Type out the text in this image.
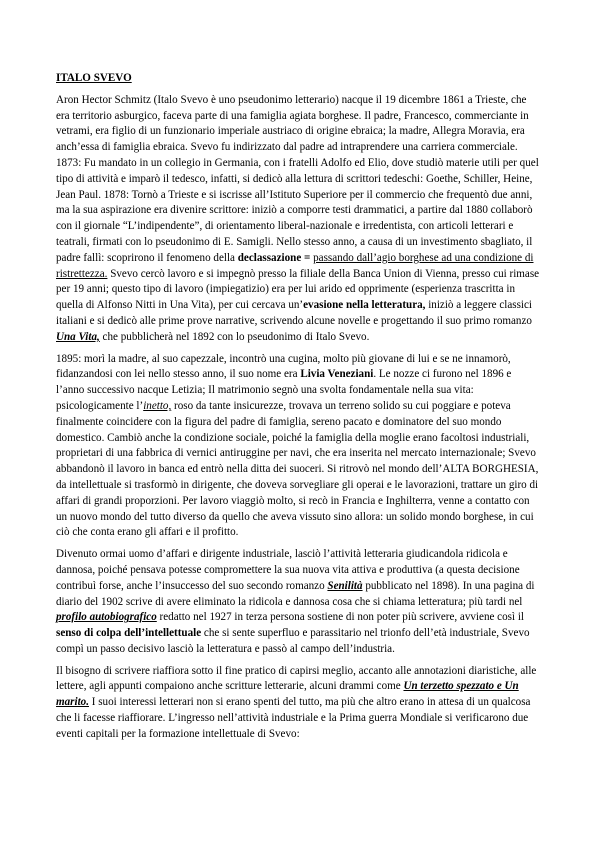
ITALO SVEVO

Aron Hector Schmitz (Italo Svevo è uno pseudonimo letterario) nacque il 19 dicembre 1861 a Trieste, che era territorio asburgico, faceva parte di una famiglia agiata borghese. Il padre, Francesco, commerciante in vetrami, era figlio di un funzionario imperiale austriaco di origine ebraica; la madre, Allegra Moravia, era anch’essa di famiglia ebraica. Svevo fu indirizzato dal padre ad intraprendere una carriera commerciale. 1873: Fu mandato in un collegio in Germania, con i fratelli Adolfo ed Elio, dove studiò materie utili per quel tipo di attività e imparò il tedesco, infatti, si dedicò alla lettura di scrittori tedeschi: Goethe, Schiller, Heine, Jean Paul. 1878: Tornò a Trieste e si iscrisse all’Istituto Superiore per il commercio che frequentò due anni, ma la sua aspirazione era divenire scrittore: iniziò a comporre testi drammatici, a partire dal 1880 collaborò con il giornale “L’indipendente”, di orientamento liberal-nazionale e irredentista, con articoli letterari e teatrali, firmati con lo pseudonimo di E. Samigli. Nello stesso anno, a causa di un investimento sbagliato, il padre fallì: scoprirono il fenomeno della declassazione = passando dall’agio borghese ad una condizione di ristrettezza. Svevo cercò lavoro e si impegnò presso la filiale della Banca Union di Vienna, presso cui rimase per 19 anni; questo tipo di lavoro (impiegatizio) era per lui arido ed opprimente (esperienza trascritta in quella di Alfonso Nitti in Una Vita), per cui cercava un’evasione nella letteratura, iniziò a leggere classici italiani e si dedicò alle prime prove narrative, scrivendo alcune novelle e progettando il suo primo romanzo Una Vita, che pubblicherà nel 1892 con lo pseudonimo di Italo Svevo.

1895: morì la madre, al suo capezzale, incontrò una cugina, molto più giovane di lui e se ne innamorò, fidanzandosi con lei nello stesso anno, il suo nome era Livia Veneziani. Le nozze ci furono nel 1896 e l’anno successivo nacque Letizia; Il matrimonio segnò una svolta fondamentale nella sua vita: psicologicamente l’inetto, roso da tante insicurezze, trovava un terreno solido su cui poggiare e poteva finalmente coincidere con la figura del padre di famiglia, sereno pacato e dominatore del suo mondo domestico. Cambiò anche la condizione sociale, poiché la famiglia della moglie erano facoltosi industriali, proprietari di una fabbrica di vernici antiruggine per navi, che era inserita nel mercato internazionale; Svevo abbandonò il lavoro in banca ed entrò nella ditta dei suoceri. Si ritrovò nel mondo dell’ALTA BORGHESIA, da intellettuale si trasformò in dirigente, che doveva sorvegliare gli operai e le lavorazioni, trattare un giro di affari di grandi proporzioni. Per lavoro viaggiò molto, si recò in Francia e Inghilterra, venne a contatto con un nuovo mondo del tutto diverso da quello che aveva vissuto sino allora: un solido mondo borghese, in cui ciò che conta erano gli affari e il profitto.

Divenuto ormai uomo d’affari e dirigente industriale, lasciò l’attività letteraria giudicandola ridicola e dannosa, poiché pensava potesse compromettere la sua nuova vita attiva e produttiva (a questa decisione contribuì forse, anche l’insuccesso del suo secondo romanzo Senilità pubblicato nel 1898). In una pagina di diario del 1902 scrive di avere eliminato la ridicola e dannosa cosa che si chiama letteratura; più tardi nel profilo autobiografico redatto nel 1927 in terza persona sostiene di non poter più scrivere, avviene così il senso di colpa dell’intellettuale che si sente superfluo e parassitario nel trionfo dell’età industriale, Svevo compì un passo decisivo lasciò la letteratura e passò al campo dell’industria.

Il bisogno di scrivere riaffiora sotto il fine pratico di capirsi meglio, accanto alle annotazioni diaristiche, alle lettere, agli appunti compaiono anche scritture letterarie, alcuni drammi come Un terzetto spezzato e Un marito. I suoi interessi letterari non si erano spenti del tutto, ma più che altro erano in attesa di un qualcosa che li facesse riaffiorare. L’ingresso nell’attività industriale e la Prima guerra Mondiale si verificarono due eventi capitali per la formazione intellettuale di Svevo:
